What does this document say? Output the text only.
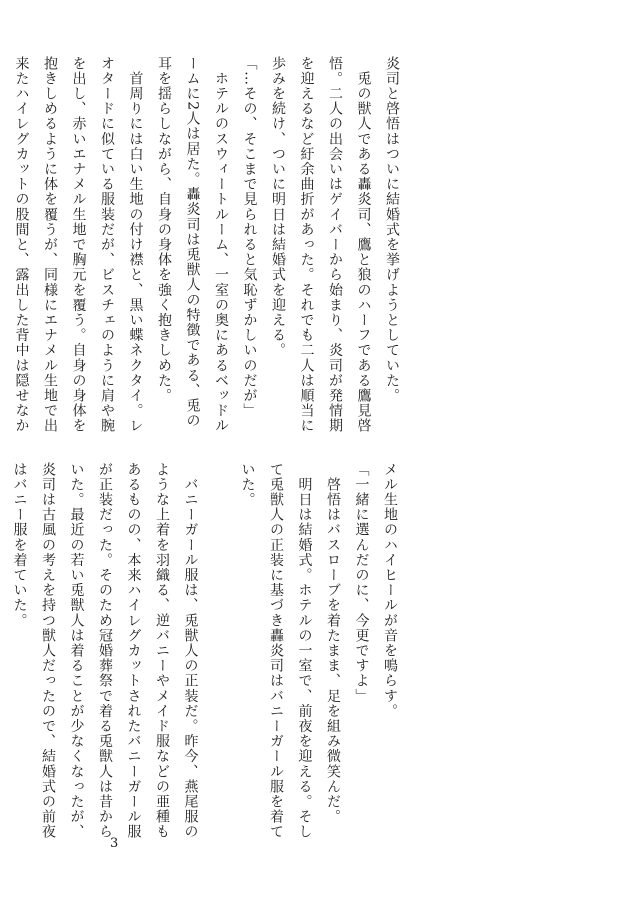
炎司と啓悟はついに結婚式を挙げようとしていた。
　兎の獣人である轟炎司、鷹と狼のハーフである鷹見啓
悟。二人の出会いはゲイバーから始まり、炎司が発情期
を迎えるなど紆余曲折があった。それでも二人は順当に
歩みを続け、ついに明日は結婚式を迎える。
「…その、そこまで見られると気恥ずかしいのだが」
　ホテルのスウィートルーム、一室の奥にあるベッドル
ームに2人は居た。轟炎司は兎獣人の特徴である、兎の
耳を揺らしながら、自身の身体を強く抱きしめた。
　首周りには白い生地の付け襟と、黒い蝶ネクタイ。レ
オタードに似ている服装だが、ビスチェのように肩や腕
を出し、赤いエナメル生地で胸元を覆う。自身の身体を
抱きしめるように体を覆うが、同様にエナメル生地で出
来たハイレグカットの股間と、露出した背中は隠せなか
メル生地のハイヒールが音を鳴らす。
「一緒に選んだのに、今更ですよ」
　啓悟はバスローブを着たまま、足を組み微笑んだ。
　明日は結婚式。ホテルの一室で、前夜を迎える。そし
て兎獣人の正装に基づき轟炎司はバニーガール服を着て
いた。

　バニーガール服は、兎獣人の正装だ。昨今、燕尾服の
ような上着を羽織る、逆バニーやメイド服などの亜種も
あるものの、本来ハイレグカットされたバニーガール服
が正装だった。そのため冠婚葬祭で着る兎獣人は昔から
いた。最近の若い兎獣人は着ることが少なくなったが、
炎司は古風の考えを持つ獣人だったので、結婚式の前夜
はバニー服を着ていた。
3
